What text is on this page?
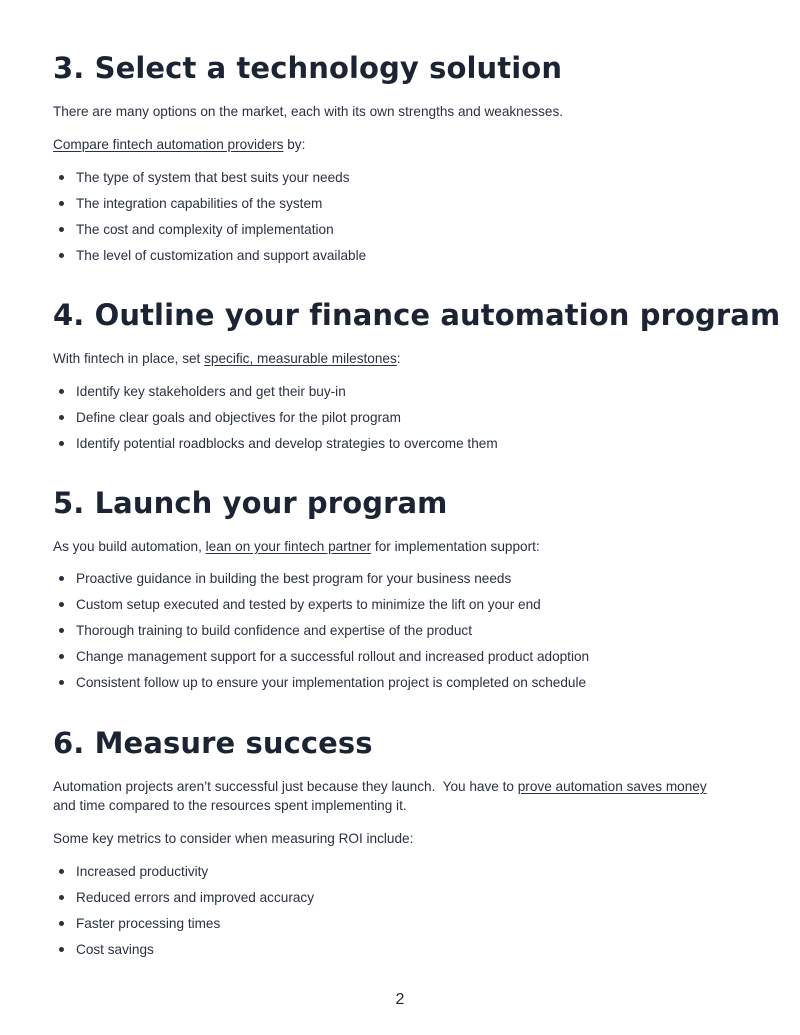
3. Select a technology solution

There are many options on the market, each with its own strengths and weaknesses.

Compare fintech automation providers by:

The type of system that best suits your needs
The integration capabilities of the system
The cost and complexity of implementation
The level of customization and support available
4. Outline your finance automation program

With fintech in place, set specific, measurable milestones:

Identify key stakeholders and get their buy-in
Define clear goals and objectives for the pilot program
Identify potential roadblocks and develop strategies to overcome them
5. Launch your program

As you build automation, lean on your fintech partner for implementation support:

Proactive guidance in building the best program for your business needs
Custom setup executed and tested by experts to minimize the lift on your end
Thorough training to build confidence and expertise of the product
Change management support for a successful rollout and increased product adoption
Consistent follow up to ensure your implementation project is completed on schedule
6. Measure success

Automation projects aren’t successful just because they launch.  You have to prove automation saves money

and time compared to the resources spent implementing it.

Some key metrics to consider when measuring ROI include:

Increased productivity
Reduced errors and improved accuracy
Faster processing times
Cost savings
2
